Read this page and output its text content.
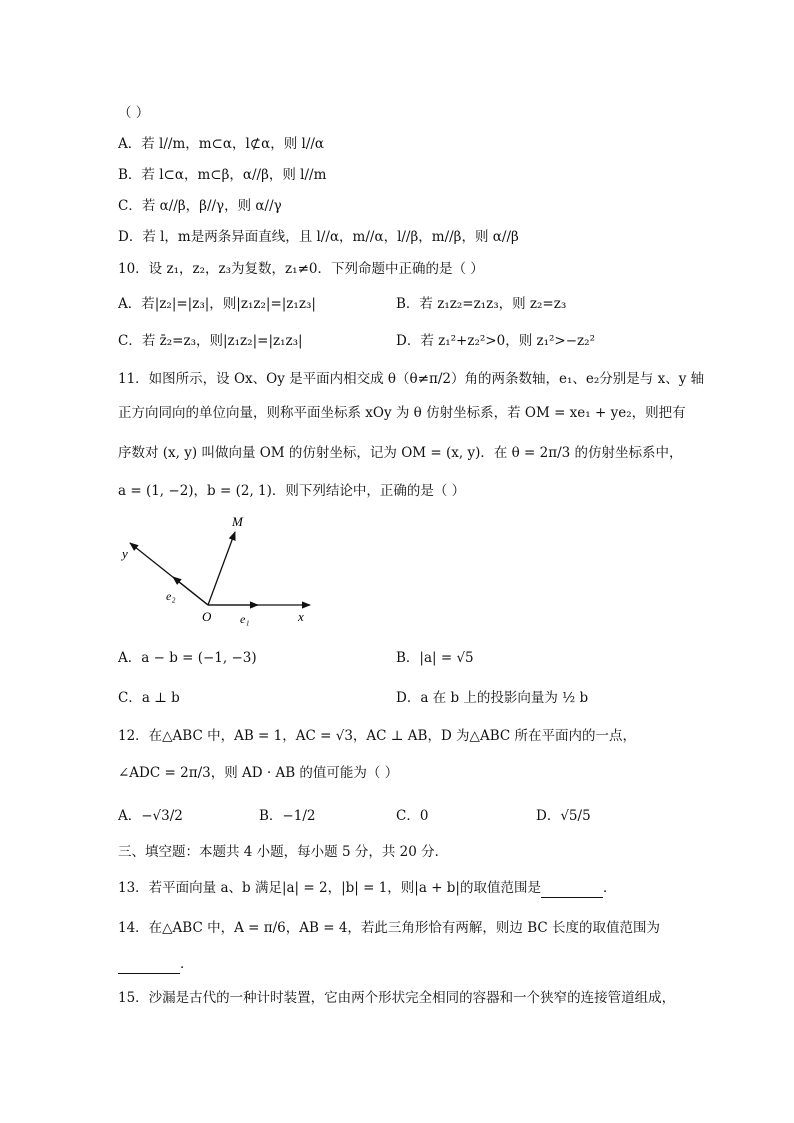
（ ）
A．若 l//m，m⊂α，l⊄α，则 l//α
B．若 l⊂α，m⊂β，α//β，则 l//m
C．若 α//β，β//γ，则 α//γ
D．若 l，m是两条异面直线，且 l//α，m//α，l//β，m//β，则 α//β
10．设 z₁，z₂，z₃为复数，z₁≠0．下列命题中正确的是（ ）
A．若|z₂|=|z₃|，则|z₁z₂|=|z₁z₃|	B．若 z₁z₂=z₁z₃，则 z₂=z₃
C．若 z̄₂=z₃，则|z₁z₂|=|z₁z₃|	D．若 z₁²+z₂²>0，则 z₁²>−z₂²
11．如图所示，设 Ox、Oy 是平面内相交成 θ（θ≠π/2）角的两条数轴，e₁、e₂分别是与 x、y 轴
正方向同向的单位向量，则称平面坐标系 xOy 为 θ 仿射坐标系，若 OM = xe₁ + ye₂，则把有
序数对 (x, y) 叫做向量 OM 的仿射坐标，记为 OM = (x, y)．在 θ = 2π/3 的仿射坐标系中，
a = (1, −2)，b = (2, 1)．则下列结论中，正确的是（ ）
M
y
e₂
O e₁	x
A．a − b = (−1, −3)	B．|a| = √5
C．a ⊥ b	D．a 在 b 上的投影向量为 ½ b
12．在△ABC 中，AB = 1，AC = √3，AC ⊥ AB，D 为△ABC 所在平面内的一点，
∠ADC = 2π/3，则 AD · AB 的值可能为（ ）
A．−√3/2	B．−1/2	C．0	D．√5/5
三、填空题：本题共 4 小题，每小题 5 分，共 20 分．
13．若平面向量 a、b 满足|a| = 2，|b| = 1，则|a + b|的取值范围是	．
14．在△ABC 中，A = π/6，AB = 4，若此三角形恰有两解，则边 BC 长度的取值范围为
．
15．沙漏是古代的一种计时装置，它由两个形状完全相同的容器和一个狭窄的连接管道组成，
